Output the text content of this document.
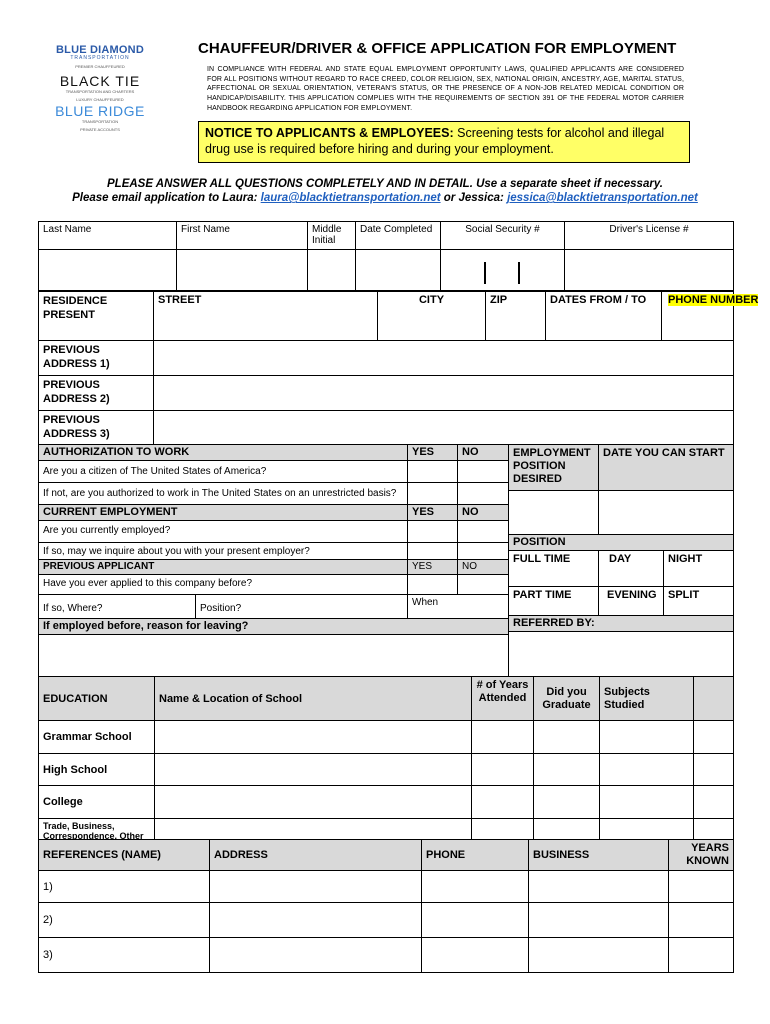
BLUE DIAMOND
TRANSPORTATION
PREMIER CHAUFFEURED
BLACK TIE
TRANSPORTATION AND CHARTERS
LUXURY CHAUFFEURED
BLUE RIDGE
TRANSPORTATION
PRIVATE ACCOUNTS
CHAUFFEUR/DRIVER & OFFICE APPLICATION FOR EMPLOYMENT
IN COMPLIANCE WITH FEDERAL AND STATE EQUAL EMPLOYMENT OPPORTUNITY LAWS, QUALIFIED APPLICANTS ARE CONSIDERED FOR ALL POSITIONS WITHOUT REGARD TO RACE CREED, COLOR RELIGION, SEX, NATIONAL ORIGIN, ANCESTRY, AGE, MARITAL STATUS, AFFECTIONAL OR SEXUAL ORIENTATION, VETERAN'S STATUS, OR THE PRESENCE OF A NON-JOB RELATED MEDICAL CONDITION OR HANDICAP/DISABILITY. THIS APPLICATION COMPLIES WITH THE REQUIREMENTS OF SECTION 391 OF THE FEDERAL MOTOR CARRIER HANDBOOK REGARDING APPLICATION FOR EMPLOYMENT.
NOTICE TO APPLICANTS & EMPLOYEES: Screening tests for alcohol and illegal drug use is required before hiring and during your employment.
PLEASE ANSWER ALL QUESTIONS COMPLETELY AND IN DETAIL. Use a separate sheet if necessary.
Please email application to Laura: laura@blacktietransportation.net or Jessica: jessica@blacktietransportation.net
Last Name	First Name	Middle Initial	Date Completed	Social Security #	Driver's License #

RESIDENCE PRESENT	STREET	CITY	ZIP	DATES FROM / TO	PHONE NUMBER
PREVIOUS ADDRESS 1)					
PREVIOUS ADDRESS 2)					
PREVIOUS ADDRESS 3)					
AUTHORIZATION TO WORK		YES	NO
Are you a citizen of The United States of America?			
If not, are you authorized to work in The United States on an unrestricted basis?			
CURRENT EMPLOYMENT		YES	NO
Are you currently employed?			
If so, may we inquire about you with your present employer?			
PREVIOUS APPLICANT		YES	NO
Have you ever applied to this company before?			
If so, Where?	Position?	When	
If employed before, reason for leaving?			

EMPLOYMENT POSITION DESIRED	DATE YOU CAN START	

POSITION		
FULL TIME	DAY	NIGHT
PART TIME	EVENING	SPLIT
REFERRED BY:		

EDUCATION	Name & Location of School	# of Years Attended	Did you Graduate	Subjects Studied	
Grammar School					
High School					
College					
Trade, Business, Correspondence, Other					
REFERENCES (NAME)	ADDRESS	PHONE	BUSINESS	YEARS KNOWN
1)				
2)				
3)				
